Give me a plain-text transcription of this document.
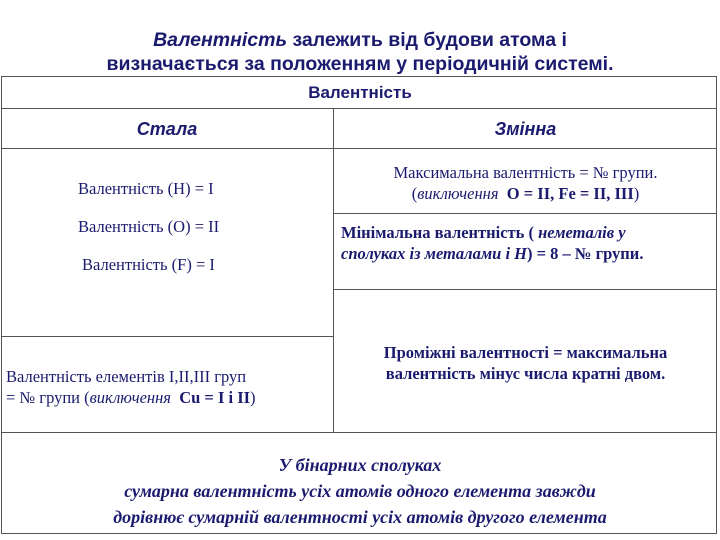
Валентність залежить від будови атома і
визначається за положенням у періодичній системі.
Валентність
Стала	Змінна
Валентність (Н) = І
Валентність (О) = ІІ
Валентність (F) = I
Валентність елементів І,ІІ,ІІІ груп
= № групи (виключення Cu = I і II)
Максимальна валентність = № групи.
(виключення O = II, Fe = II, III)
Мінімальна валентність ( неметалів у
сполуках із металами і Н) = 8 – № групи.
Проміжні валентності = максимальна
валентність мінус числа кратні двом.
У бінарних сполуках
сумарна валентність усіх атомів одного елемента завжди
дорівнює сумарній валентності усіх атомів другого елемента
